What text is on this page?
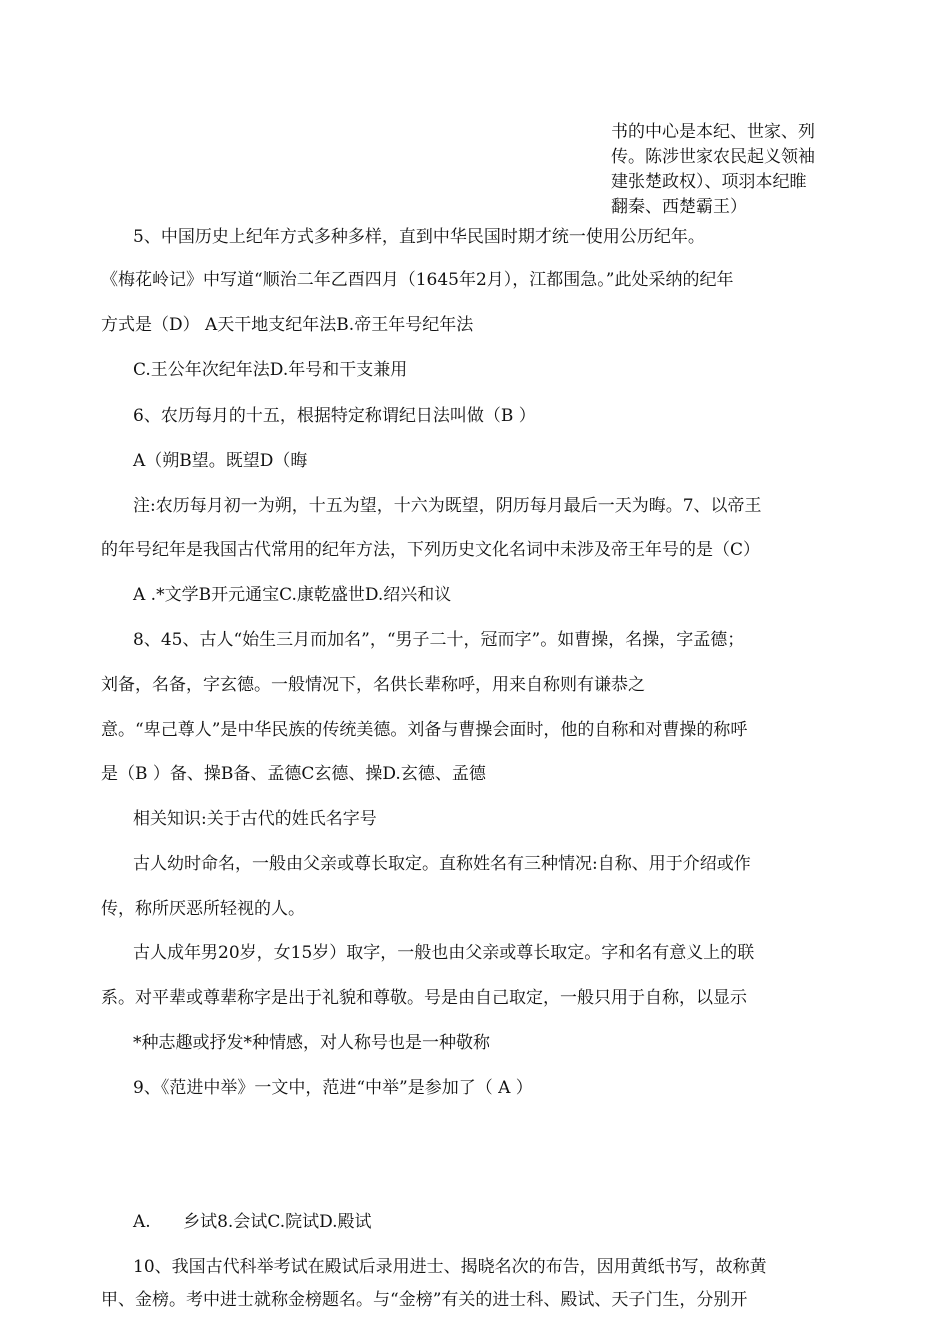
书的中心是本纪、世家、列
传。陈涉世家农民起义领袖
建张楚政权）、项羽本纪睢
翻秦、西楚霸王）
5、中国历史上纪年方式多种多样，直到中华民国时期才统一使用公历纪年。
《梅花岭记》中写道“顺治二年乙酉四月（1645年2月），江都围急。”此处采纳的纪年
方式是（D） A天干地支纪年法B.帝王年号纪年法
C.王公年次纪年法D.年号和干支兼用
6、农历每月的十五，根据特定称谓纪日法叫做（B ）
A（朔B望。既望D（晦
注:农历每月初一为朔，十五为望，十六为既望，阴历每月最后一天为晦。7、以帝王
的年号纪年是我国古代常用的纪年方法，下列历史文化名词中未涉及帝王年号的是（C）
A .*文学B开元通宝C.康乾盛世D.绍兴和议
8、45、古人“始生三月而加名”，“男子二十，冠而字”。如曹操，名操，字孟德；
刘备，名备，字玄德。一般情况下，名供长辈称呼，用来自称则有谦恭之
意。“卑己尊人”是中华民族的传统美德。刘备与曹操会面时，他的自称和对曹操的称呼
是（B ）备、操B备、孟德C玄德、操D.玄德、孟德
相关知识:关于古代的姓氏名字号
古人幼时命名，一般由父亲或尊长取定。直称姓名有三种情况:自称、用于介绍或作
传，称所厌恶所轻视的人。
古人成年男20岁，女15岁）取字，一般也由父亲或尊长取定。字和名有意义上的联
系。对平辈或尊辈称字是出于礼貌和尊敬。号是由自己取定，一般只用于自称，以显示
*种志趣或抒发*种情感，对人称号也是一种敬称
9、《范进中举》一文中，范进“中举”是参加了（ A ）
A.      乡试8.会试C.院试D.殿试
10、我国古代科举考试在殿试后录用进士、揭晓名次的布告，因用黄纸书写，故称黄
甲、金榜。考中进士就称金榜题名。与“金榜”有关的进士科、殿试、天子门生，分别开
